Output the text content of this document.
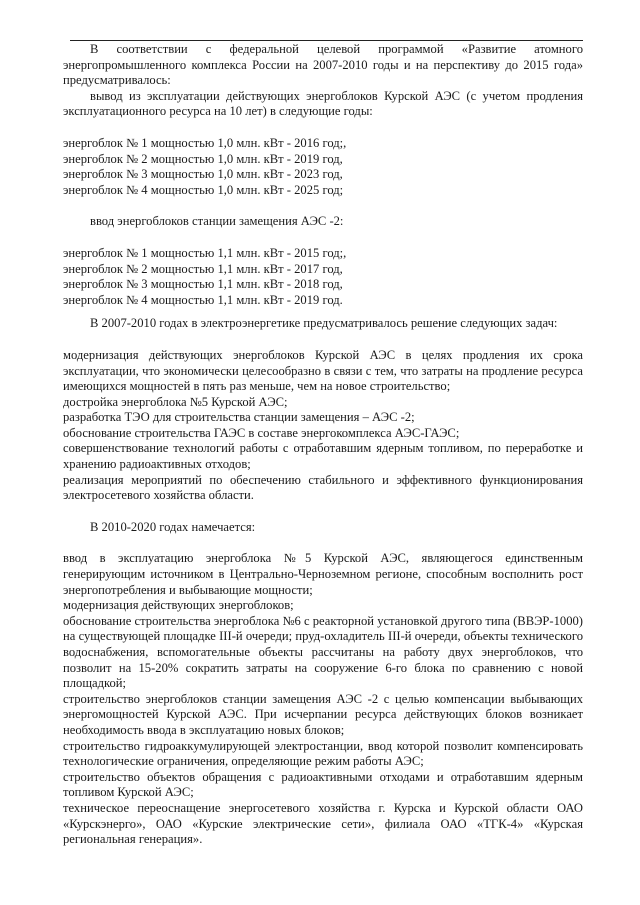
В соответствии с федеральной целевой программой «Развитие атомного энергопромышленного комплекса России на 2007-2010 годы и на перспективу до 2015 года» предусматривалось:

вывод из эксплуатации действующих энергоблоков Курской АЭС (с учетом продления эксплуатационного ресурса на 10 лет) в следующие годы:

энергоблок № 1 мощностью 1,0 млн. кВт - 2016 год;,

энергоблок № 2 мощностью 1,0 млн. кВт - 2019 год,

энергоблок № 3 мощностью 1,0 млн. кВт - 2023 год,

энергоблок № 4 мощностью 1,0 млн. кВт - 2025 год;

ввод энергоблоков станции замещения АЭС -2:

энергоблок № 1 мощностью 1,1 млн. кВт - 2015 год;,

энергоблок № 2 мощностью 1,1 млн. кВт - 2017 год,

энергоблок № 3 мощностью 1,1 млн. кВт - 2018 год,

энергоблок № 4 мощностью 1,1 млн. кВт - 2019 год.

В 2007-2010 годах в электроэнергетике предусматривалось решение следующих задач:

модернизация действующих энергоблоков Курской АЭС в целях продления их срока эксплуатации, что экономически целесообразно в связи с тем, что затраты на продление ресурса имеющихся мощностей в пять раз меньше, чем на новое строительство;

достройка энергоблока №5 Курской АЭС;

разработка ТЭО для строительства станции замещения – АЭС -2;

обоснование строительства ГАЭС в составе энергокомплекса АЭС-ГАЭС;

совершенствование технологий работы с отработавшим ядерным топливом, по переработке и хранению радиоактивных отходов;

реализация мероприятий по обеспечению стабильного и эффективного функционирования электросетевого хозяйства области.

В 2010-2020 годах намечается:

ввод в эксплуатацию энергоблока №5 Курской АЭС, являющегося единственным генерирующим источником в Центрально-Черноземном регионе, способным восполнить рост энергопотребления и выбывающие мощности;

модернизация действующих энергоблоков;

обоснование строительства энергоблока №6 с реакторной установкой другого типа (ВВЭР-1000) на существующей площадке III-й очереди; пруд-охладитель III-й очереди, объекты технического водоснабжения, вспомогательные объекты рассчитаны на работу двух энергоблоков, что позволит на 15-20% сократить затраты на сооружение 6-го блока по сравнению с новой площадкой;

строительство энергоблоков станции замещения АЭС -2 с целью компенсации выбывающих энергомощностей Курской АЭС. При исчерпании ресурса действующих блоков возникает необходимость ввода в эксплуатацию новых блоков;

строительство гидроаккумулирующей электростанции, ввод которой позволит компенсировать технологические ограничения, определяющие режим работы АЭС;

строительство объектов обращения с радиоактивными отходами и отработавшим ядерным топливом Курской АЭС;

техническое переоснащение энергосетевого хозяйства г. Курска и Курской области ОАО «Курскэнерго», ОАО «Курские электрические сети», филиала ОАО «ТГК-4» «Курская региональная генерация».
